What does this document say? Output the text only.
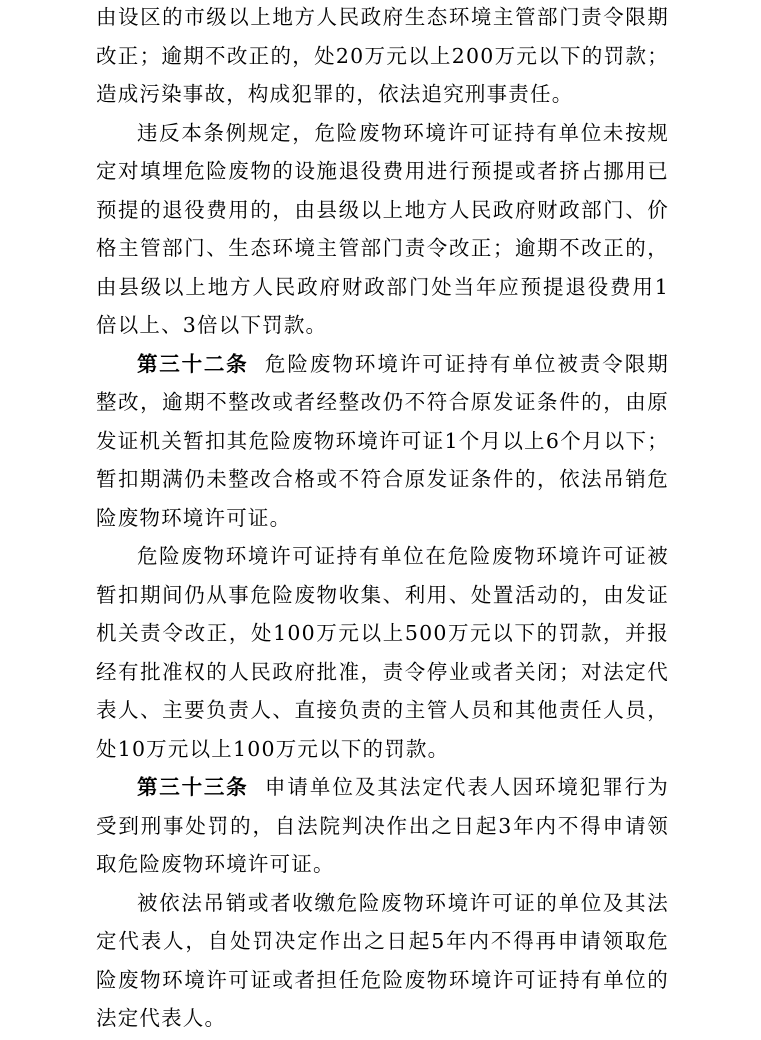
由设区的市级以上地方人民政府生态环境主管部门责令限期改正；逾期不改正的，处20万元以上200万元以下的罚款；造成污染事故，构成犯罪的，依法追究刑事责任。

违反本条例规定，危险废物环境许可证持有单位未按规定对填埋危险废物的设施退役费用进行预提或者挤占挪用已预提的退役费用的，由县级以上地方人民政府财政部门、价格主管部门、生态环境主管部门责令改正；逾期不改正的，由县级以上地方人民政府财政部门处当年应预提退役费用1倍以上、3倍以下罚款。

第三十二条 危险废物环境许可证持有单位被责令限期整改，逾期不整改或者经整改仍不符合原发证条件的，由原发证机关暂扣其危险废物环境许可证1个月以上6个月以下；暂扣期满仍未整改合格或不符合原发证条件的，依法吊销危险废物环境许可证。

危险废物环境许可证持有单位在危险废物环境许可证被暂扣期间仍从事危险废物收集、利用、处置活动的，由发证机关责令改正，处100万元以上500万元以下的罚款，并报经有批准权的人民政府批准，责令停业或者关闭；对法定代表人、主要负责人、直接负责的主管人员和其他责任人员，处10万元以上100万元以下的罚款。

第三十三条 申请单位及其法定代表人因环境犯罪行为受到刑事处罚的，自法院判决作出之日起3年内不得申请领取危险废物环境许可证。

被依法吊销或者收缴危险废物环境许可证的单位及其法定代表人，自处罚决定作出之日起5年内不得再申请领取危险废物环境许可证或者担任危险废物环境许可证持有单位的法定代表人。
